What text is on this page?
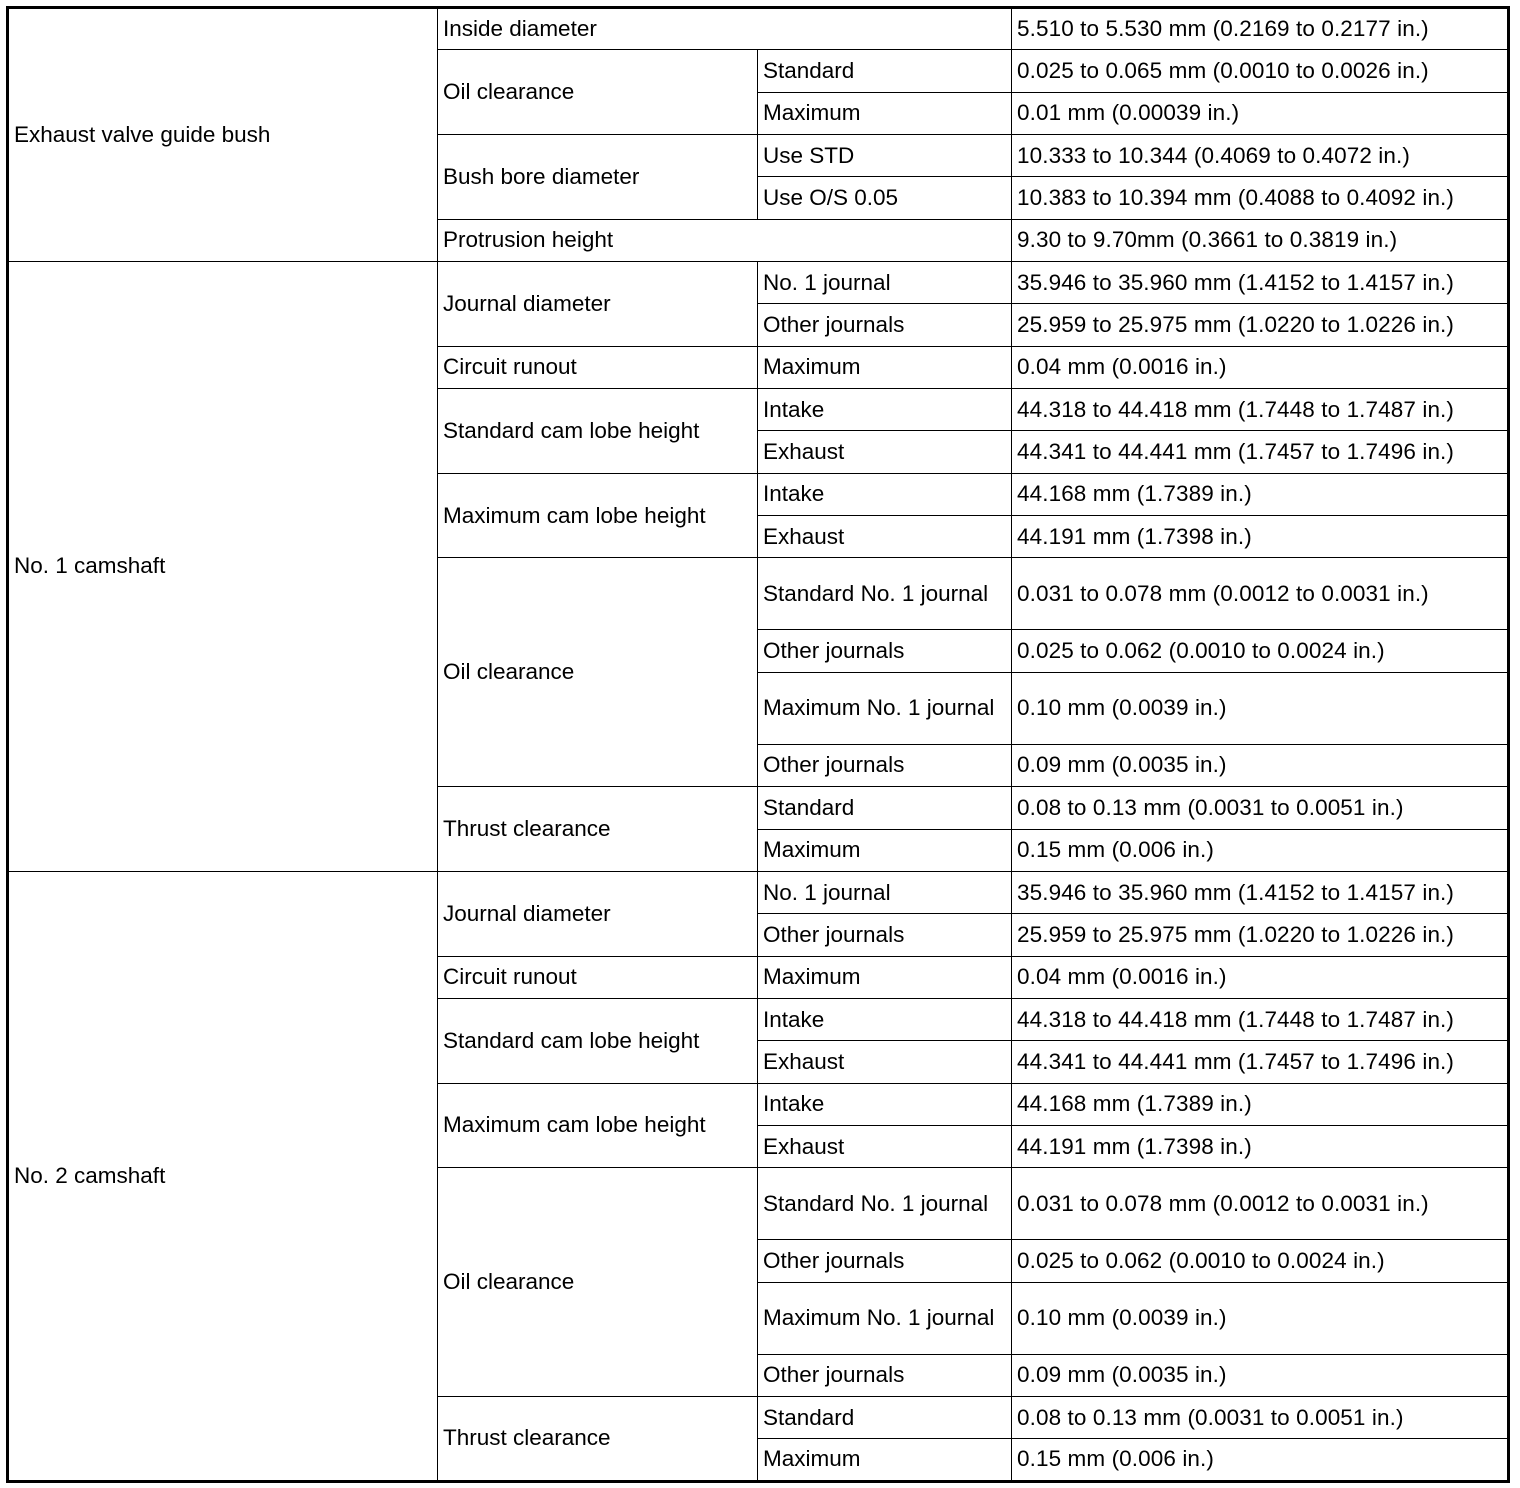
Exhaust valve guide bush	Inside diameter		5.510 to 5.530 mm (0.2169 to 0.2177 in.)
	Oil clearance	Standard	0.025 to 0.065 mm (0.0010 to 0.0026 in.)
		Maximum	0.01 mm (0.00039 in.)
	Bush bore diameter	Use STD	10.333 to 10.344 (0.4069 to 0.4072 in.)
		Use O/S 0.05	10.383 to 10.394 mm (0.4088 to 0.4092 in.)
	Protrusion height		9.30 to 9.70mm (0.3661 to 0.3819 in.)
No. 1 camshaft	Journal diameter	No. 1 journal	35.946 to 35.960 mm (1.4152 to 1.4157 in.)
		Other journals	25.959 to 25.975 mm (1.0220 to 1.0226 in.)
	Circuit runout	Maximum	0.04 mm (0.0016 in.)
	Standard cam lobe height	Intake	44.318 to 44.418 mm (1.7448 to 1.7487 in.)
		Exhaust	44.341 to 44.441 mm (1.7457 to 1.7496 in.)
	Maximum cam lobe height	Intake	44.168 mm (1.7389 in.)
		Exhaust	44.191 mm (1.7398 in.)
	Oil clearance	Standard No. 1 journal	0.031 to 0.078 mm (0.0012 to 0.0031 in.)
		Other journals	0.025 to 0.062 (0.0010 to 0.0024 in.)
		Maximum No. 1 journal	0.10 mm (0.0039 in.)
		Other journals	0.09 mm (0.0035 in.)
	Thrust clearance	Standard	0.08 to 0.13 mm (0.0031 to 0.0051 in.)
		Maximum	0.15 mm (0.006 in.)
No. 2 camshaft	Journal diameter	No. 1 journal	35.946 to 35.960 mm (1.4152 to 1.4157 in.)
		Other journals	25.959 to 25.975 mm (1.0220 to 1.0226 in.)
	Circuit runout	Maximum	0.04 mm (0.0016 in.)
	Standard cam lobe height	Intake	44.318 to 44.418 mm (1.7448 to 1.7487 in.)
		Exhaust	44.341 to 44.441 mm (1.7457 to 1.7496 in.)
	Maximum cam lobe height	Intake	44.168 mm (1.7389 in.)
		Exhaust	44.191 mm (1.7398 in.)
	Oil clearance	Standard No. 1 journal	0.031 to 0.078 mm (0.0012 to 0.0031 in.)
		Other journals	0.025 to 0.062 (0.0010 to 0.0024 in.)
		Maximum No. 1 journal	0.10 mm (0.0039 in.)
		Other journals	0.09 mm (0.0035 in.)
	Thrust clearance	Standard	0.08 to 0.13 mm (0.0031 to 0.0051 in.)
		Maximum	0.15 mm (0.006 in.)
